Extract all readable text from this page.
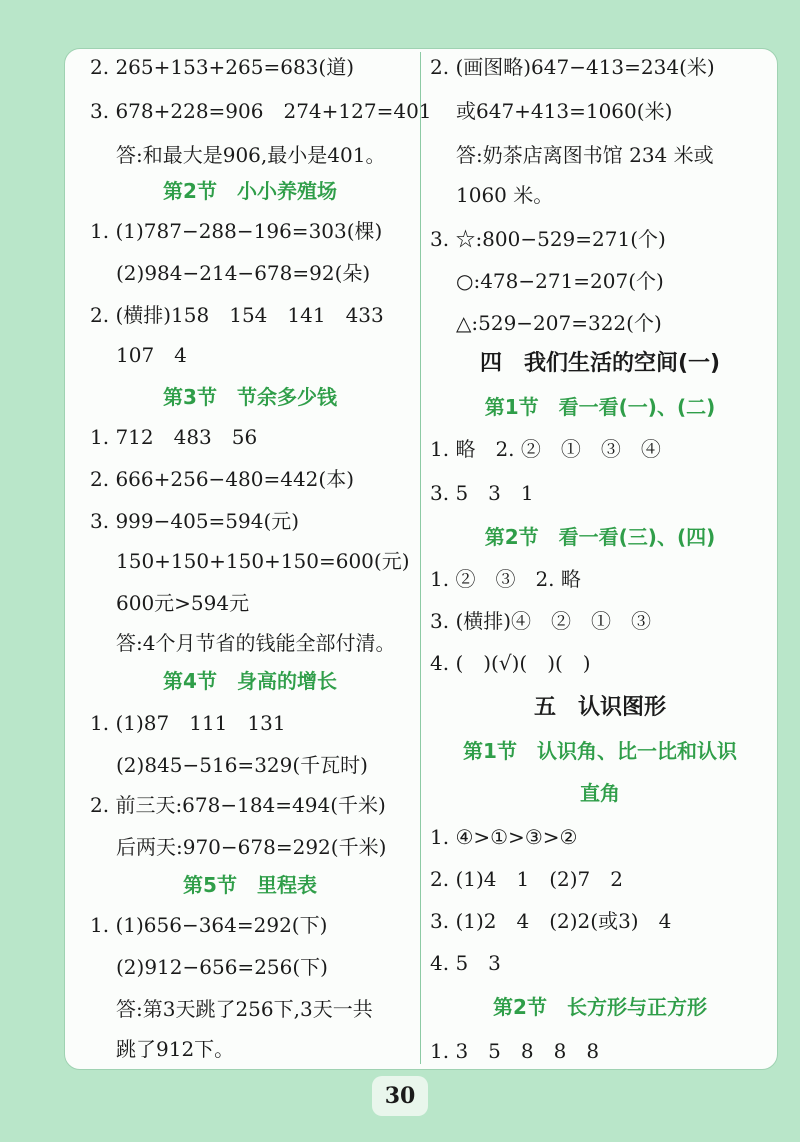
2. 265+153+265=683(道)
3. 678+228=906　274+127=401
答:和最大是906,最小是401。
第2节　小小养殖场
1. (1)787−288−196=303(棵)
(2)984−214−678=92(朵)
2. (横排)158　154　141　433
107　4
第3节　节余多少钱
1. 712　483　56
2. 666+256−480=442(本)
3. 999−405=594(元)
150+150+150+150=600(元)
600元>594元
答:4个月节省的钱能全部付清。
第4节　身高的增长
1. (1)87　111　131
(2)845−516=329(千瓦时)
2. 前三天:678−184=494(千米)
后两天:970−678=292(千米)
第5节　里程表
1. (1)656−364=292(下)
(2)912−656=256(下)
答:第3天跳了256下,3天一共
跳了912下。
2. (画图略)647−413=234(米)
或647+413=1060(米)
答:奶茶店离图书馆 234 米或
1060 米。
3. ☆:800−529=271(个)
○:478−271=207(个)
△:529−207=322(个)
四　我们生活的空间(一)
第1节　看一看(一)、(二)
1. 略　2. ②　①　③　④
3. 5　3　1
第2节　看一看(三)、(四)
1. ②　③　2. 略
3. (横排)④　②　①　③
4. (　)(√)(　)(　)
五　认识图形
第1节　认识角、比一比和认识
直角
1. ④>①>③>②
2. (1)4　1　(2)7　2
3. (1)2　4　(2)2(或3)　4
4. 5　3
第2节　长方形与正方形
1. 3　5　8　8　8
30
